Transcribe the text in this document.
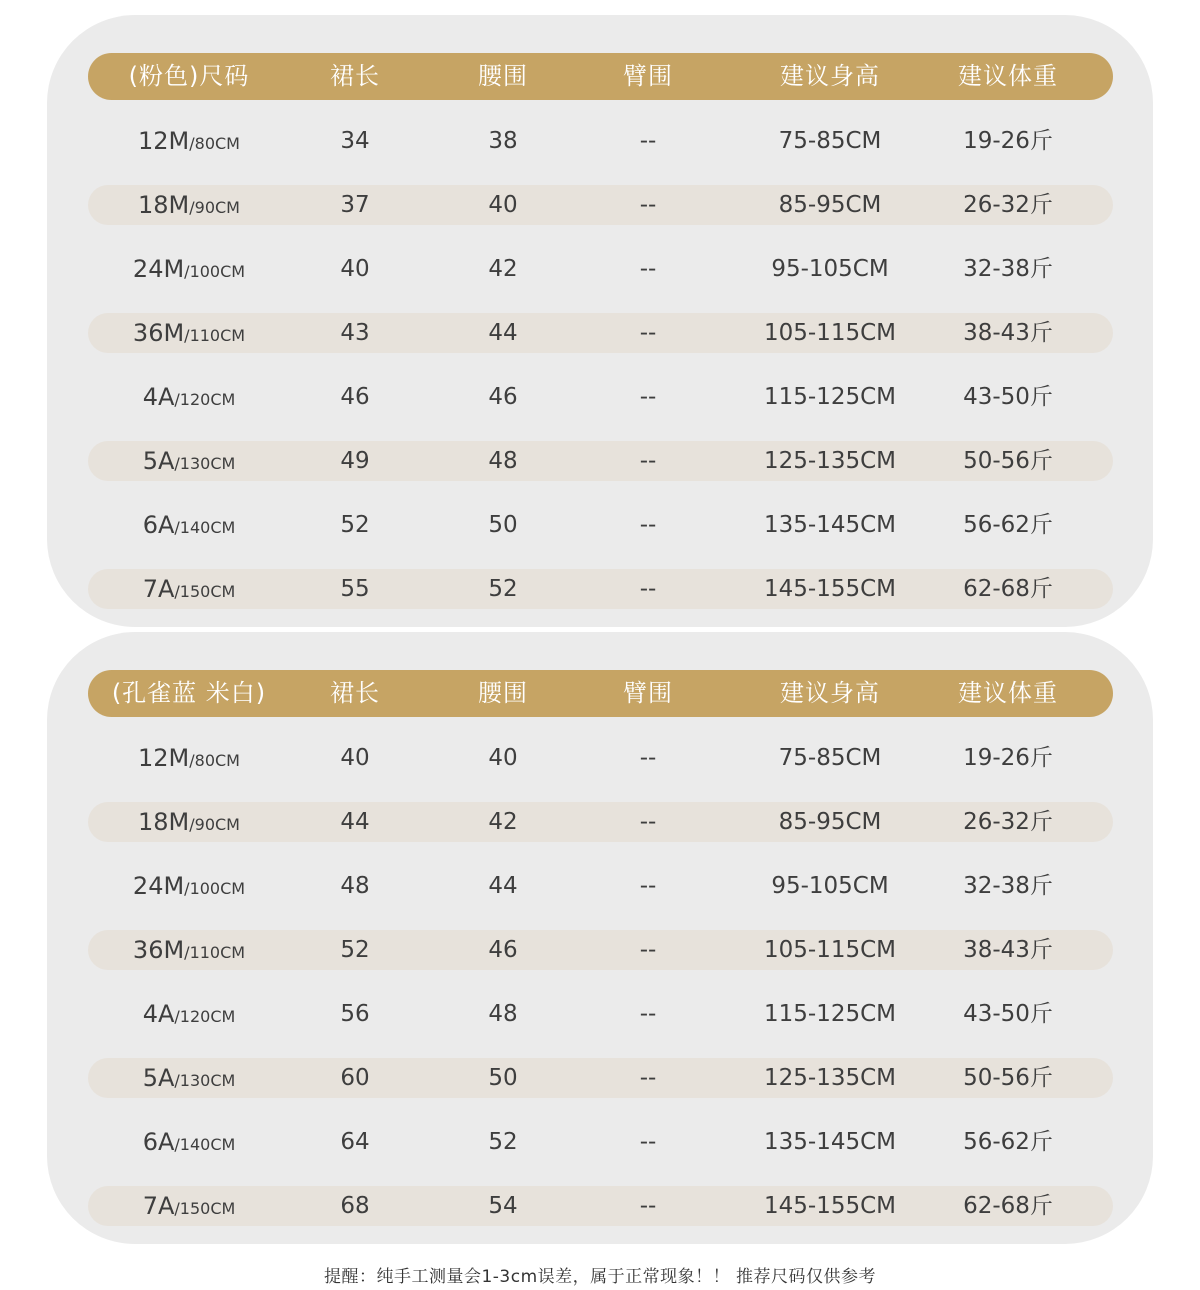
(粉色)尺码	裙长	腰围	臂围	建议身高	建议体重
12M/80CM	34	38	--	75-85CM	19-26斤
18M/90CM	37	40	--	85-95CM	26-32斤
24M/100CM	40	42	--	95-105CM	32-38斤
36M/110CM	43	44	--	105-115CM	38-43斤
4A/120CM	46	46	--	115-125CM	43-50斤
5A/130CM	49	48	--	125-135CM	50-56斤
6A/140CM	52	50	--	135-145CM	56-62斤
7A/150CM	55	52	--	145-155CM	62-68斤
(孔雀蓝 米白)	裙长	腰围	臂围	建议身高	建议体重
12M/80CM	40	40	--	75-85CM	19-26斤
18M/90CM	44	42	--	85-95CM	26-32斤
24M/100CM	48	44	--	95-105CM	32-38斤
36M/110CM	52	46	--	105-115CM	38-43斤
4A/120CM	56	48	--	115-125CM	43-50斤
5A/130CM	60	50	--	125-135CM	50-56斤
6A/140CM	64	52	--	135-145CM	56-62斤
7A/150CM	68	54	--	145-155CM	62-68斤
提醒：纯手工测量会1-3cm误差，属于正常现象！！ 推荐尺码仅供参考
